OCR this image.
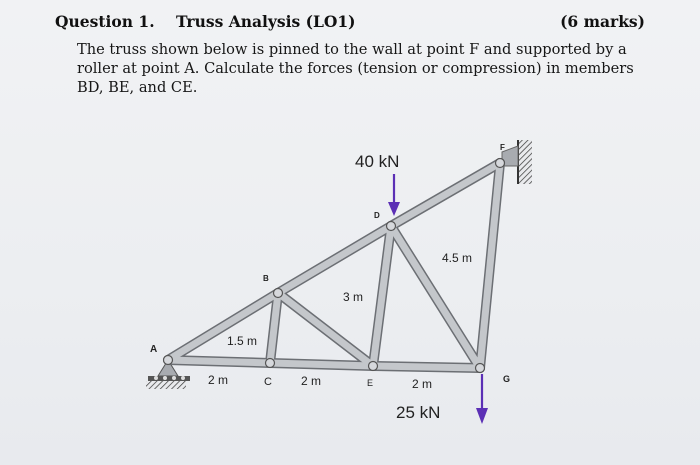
Question 1. Truss Analysis (LO1)	(6 marks)
The truss shown below is pinned to the wall at point F and supported by a
roller at point A. Calculate the forces (tension or compression) in members
BD, BE, and CE.
A
B
C
D
E
F
G
1.5 m
3 m
4.5 m
2 m	2 m	2 m
40 kN
25 kN
